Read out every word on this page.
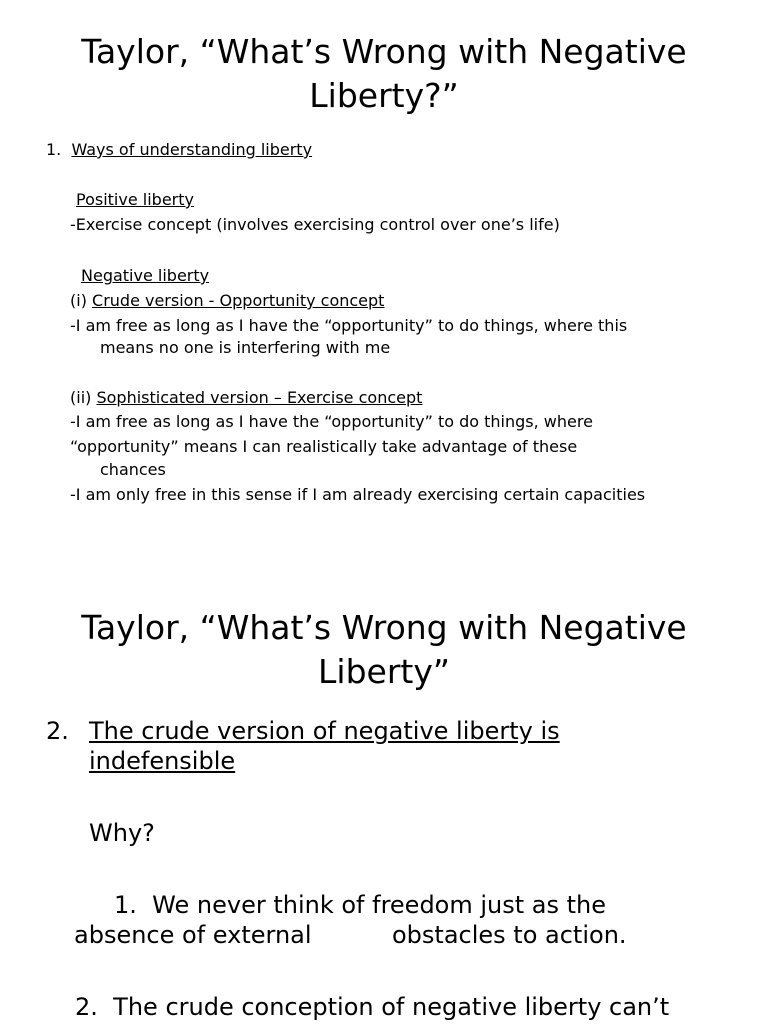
Taylor, “What’s Wrong with Negative
Liberty?”
1. Ways of understanding liberty
Positive liberty
-Exercise concept (involves exercising control over one’s life)
Negative liberty
(i) Crude version - Opportunity concept
-I am free as long as I have the “opportunity” to do things, where this
means no one is interfering with me
(ii) Sophisticated version – Exercise concept
-I am free as long as I have the “opportunity” to do things, where
“opportunity” means I can realistically take advantage of these
chances
-I am only free in this sense if I am already exercising certain capacities
Taylor, “What’s Wrong with Negative
Liberty”
2. The crude version of negative liberty is
indefensible
Why?
1. We never think of freedom just as the
absence of external	obstacles to action.
2. The crude conception of negative liberty can’t
